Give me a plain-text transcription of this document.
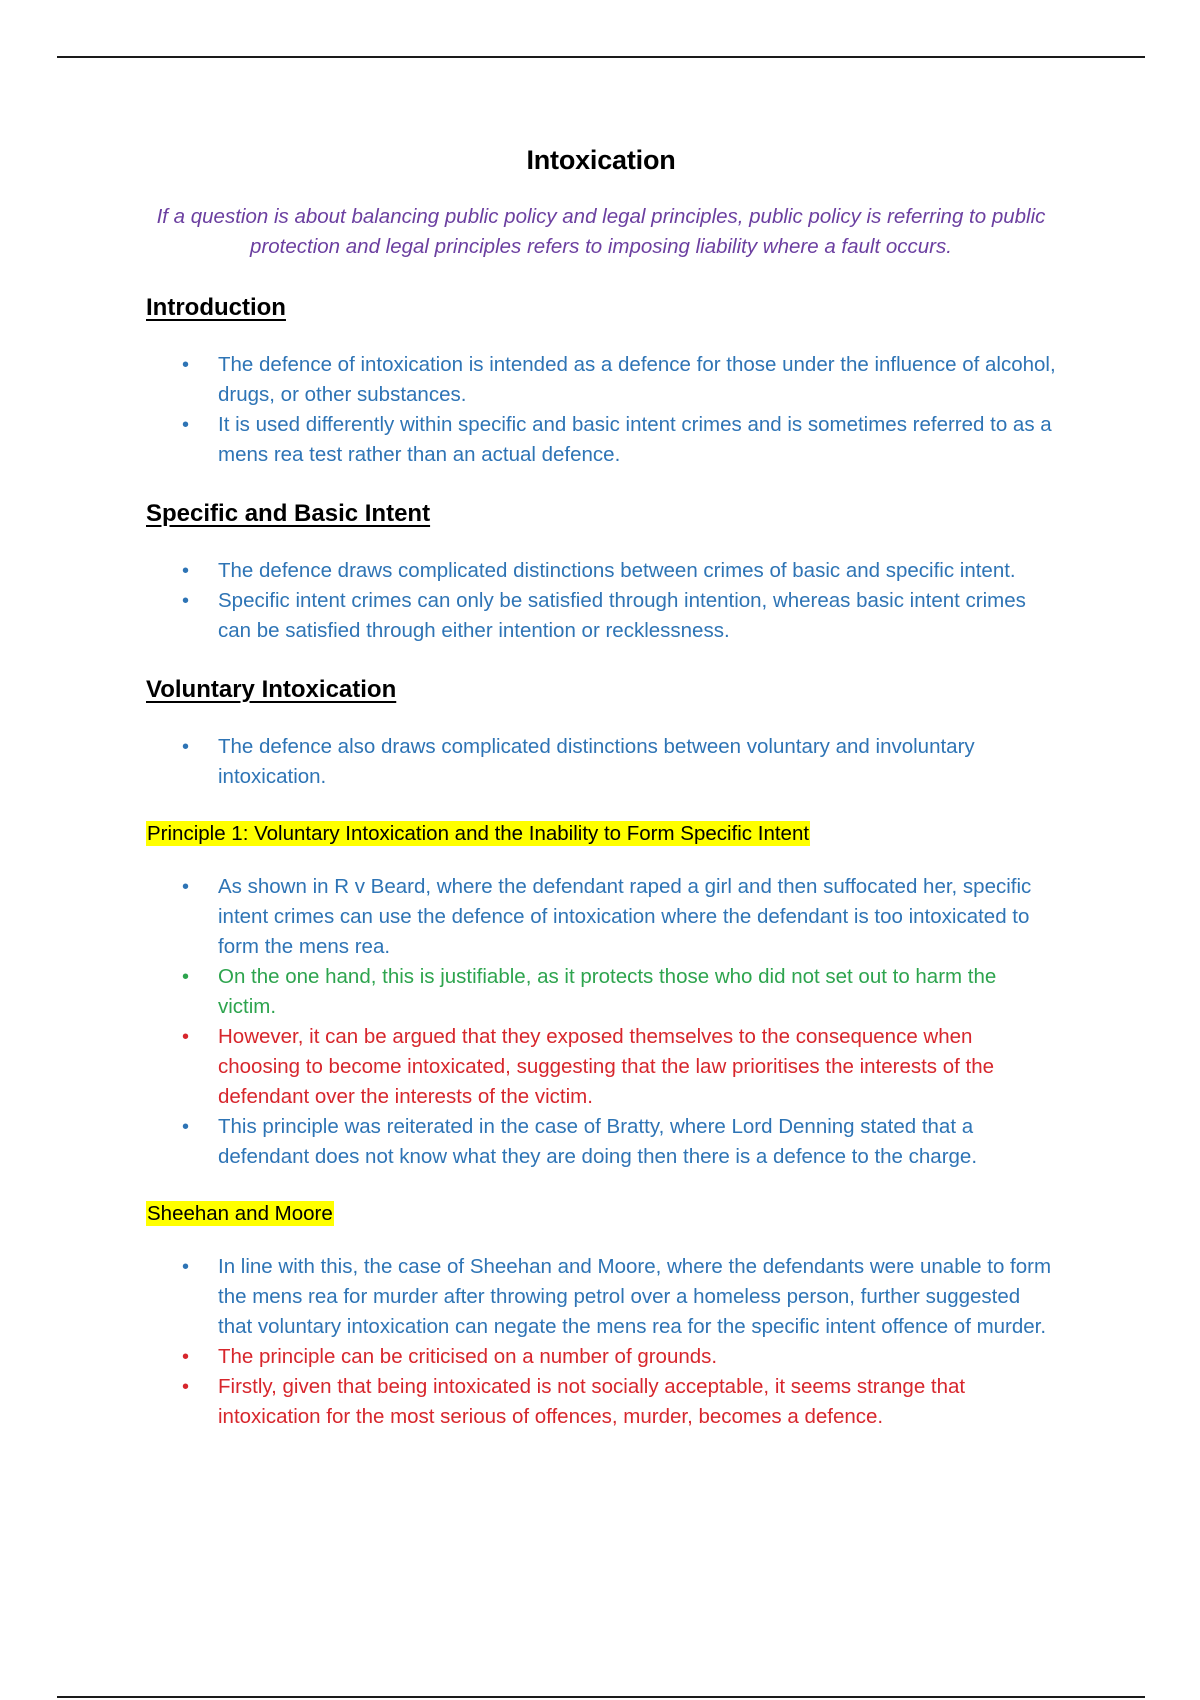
Intoxication

If a question is about balancing public policy and legal principles, public policy is referring to public protection and legal principles refers to imposing liability where a fault occurs.

Introduction
• The defence of intoxication is intended as a defence for those under the influence of alcohol, drugs, or other substances.
• It is used differently within specific and basic intent crimes and is sometimes referred to as a mens rea test rather than an actual defence.
Specific and Basic Intent
• The defence draws complicated distinctions between crimes of basic and specific intent.
• Specific intent crimes can only be satisfied through intention, whereas basic intent crimes can be satisfied through either intention or recklessness.
Voluntary Intoxication
• The defence also draws complicated distinctions between voluntary and involuntary intoxication.
Principle 1: Voluntary Intoxication and the Inability to Form Specific Intent
• As shown in R v Beard, where the defendant raped a girl and then suffocated her, specific intent crimes can use the defence of intoxication where the defendant is too intoxicated to form the mens rea.
• On the one hand, this is justifiable, as it protects those who did not set out to harm the victim.
• However, it can be argued that they exposed themselves to the consequence when choosing to become intoxicated, suggesting that the law prioritises the interests of the defendant over the interests of the victim.
• This principle was reiterated in the case of Bratty, where Lord Denning stated that a defendant does not know what they are doing then there is a defence to the charge.
Sheehan and Moore
• In line with this, the case of Sheehan and Moore, where the defendants were unable to form the mens rea for murder after throwing petrol over a homeless person, further suggested that voluntary intoxication can negate the mens rea for the specific intent offence of murder.
• The principle can be criticised on a number of grounds.
• Firstly, given that being intoxicated is not socially acceptable, it seems strange that intoxication for the most serious of offences, murder, becomes a defence.
